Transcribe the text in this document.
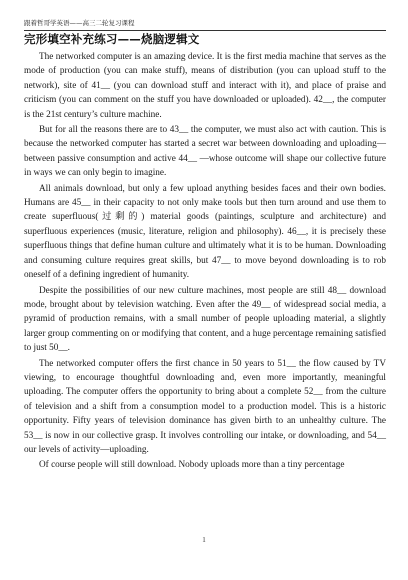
跟着哲哥学英语——高三二轮复习课程
完形填空补充练习——烧脑逻辑文

The networked computer is an amazing device. It is the first media machine that serves as the mode of production (you can make stuff), means of distribution (you can upload stuff to the network), site of 41__ (you can download stuff and interact with it), and place of praise and criticism (you can comment on the stuff you have downloaded or uploaded). 42__, the computer is the 21st century’s culture machine.

But for all the reasons there are to 43__ the computer, we must also act with caution. This is because the networked computer has started a secret war between downloading and uploading—between passive consumption and active 44__ —whose outcome will shape our collective future in ways we can only begin to imagine.

All animals download, but only a few upload anything besides faces and their own bodies. Humans are 45__ in their capacity to not only make tools but then turn around and use them to create superfluous(过剩的) material goods (paintings, sculpture and architecture) and superfluous experiences (music, literature, religion and philosophy). 46__, it is precisely these superfluous things that define human culture and ultimately what it is to be human. Downloading and consuming culture requires great skills, but 47__ to move beyond downloading is to rob oneself of a defining ingredient of humanity.

Despite the possibilities of our new culture machines, most people are still 48__ download mode, brought about by television watching. Even after the 49__ of widespread social media, a pyramid of production remains, with a small number of people uploading material, a slightly larger group commenting on or modifying that content, and a huge percentage remaining satisfied to just 50__.

The networked computer offers the first chance in 50 years to 51__ the flow caused by TV viewing, to encourage thoughtful downloading and, even more importantly, meaningful uploading. The computer offers the opportunity to bring about a complete 52__ from the culture of television and a shift from a consumption model to a production model. This is a historic opportunity. Fifty years of television dominance has given birth to an unhealthy culture. The 53__ is now in our collective grasp. It involves controlling our intake, or downloading, and 54__ our levels of activity—uploading.

Of course people will still download. Nobody uploads more than a tiny percentage

1
